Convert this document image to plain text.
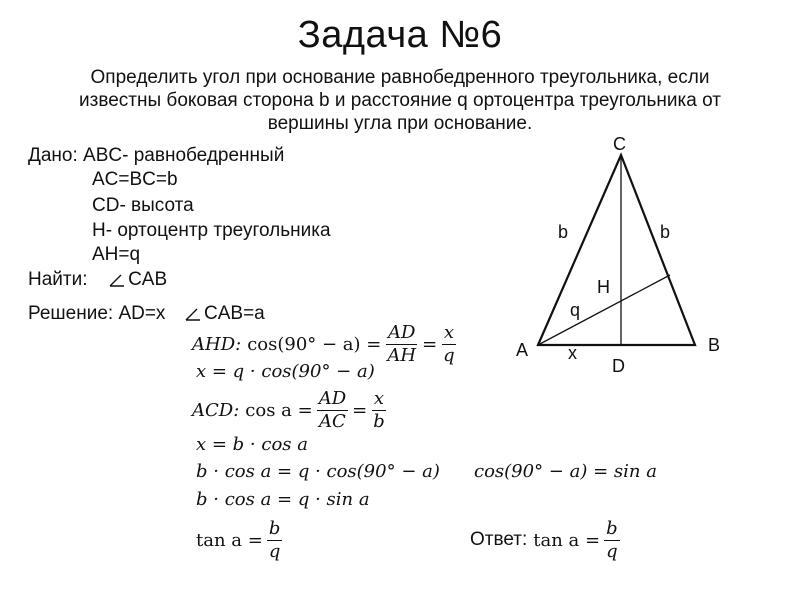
Задача №6
Определить угол при основание равнобедренного треугольника, если
известны боковая сторона b и расстояние q ортоцентра треугольника от
вершины угла при основание.
Дано: ABC- равнобедренный
AC=BC=b
CD- высота
H- ортоцентр треугольника
AH=q
Найти: CAB
Решение: AD=x CAB=a
AHD: $\cos(90^\circ - a) = \frac{AD}{AH} = \frac{x}{q}$
x = q · cos(90° − a)
ACD: $\cos a = \frac{AD}{AC} = \frac{x}{b}$
x = b · cos a
b · cos a = q · cos(90° − a) cos(90° − a) = sin a
b · cos a = q · sin a
$\tan a = \frac{b}{q}$	Ответ: $\tan a = \frac{b}{q}$
C
A	B
D
H
q
x
b	b
